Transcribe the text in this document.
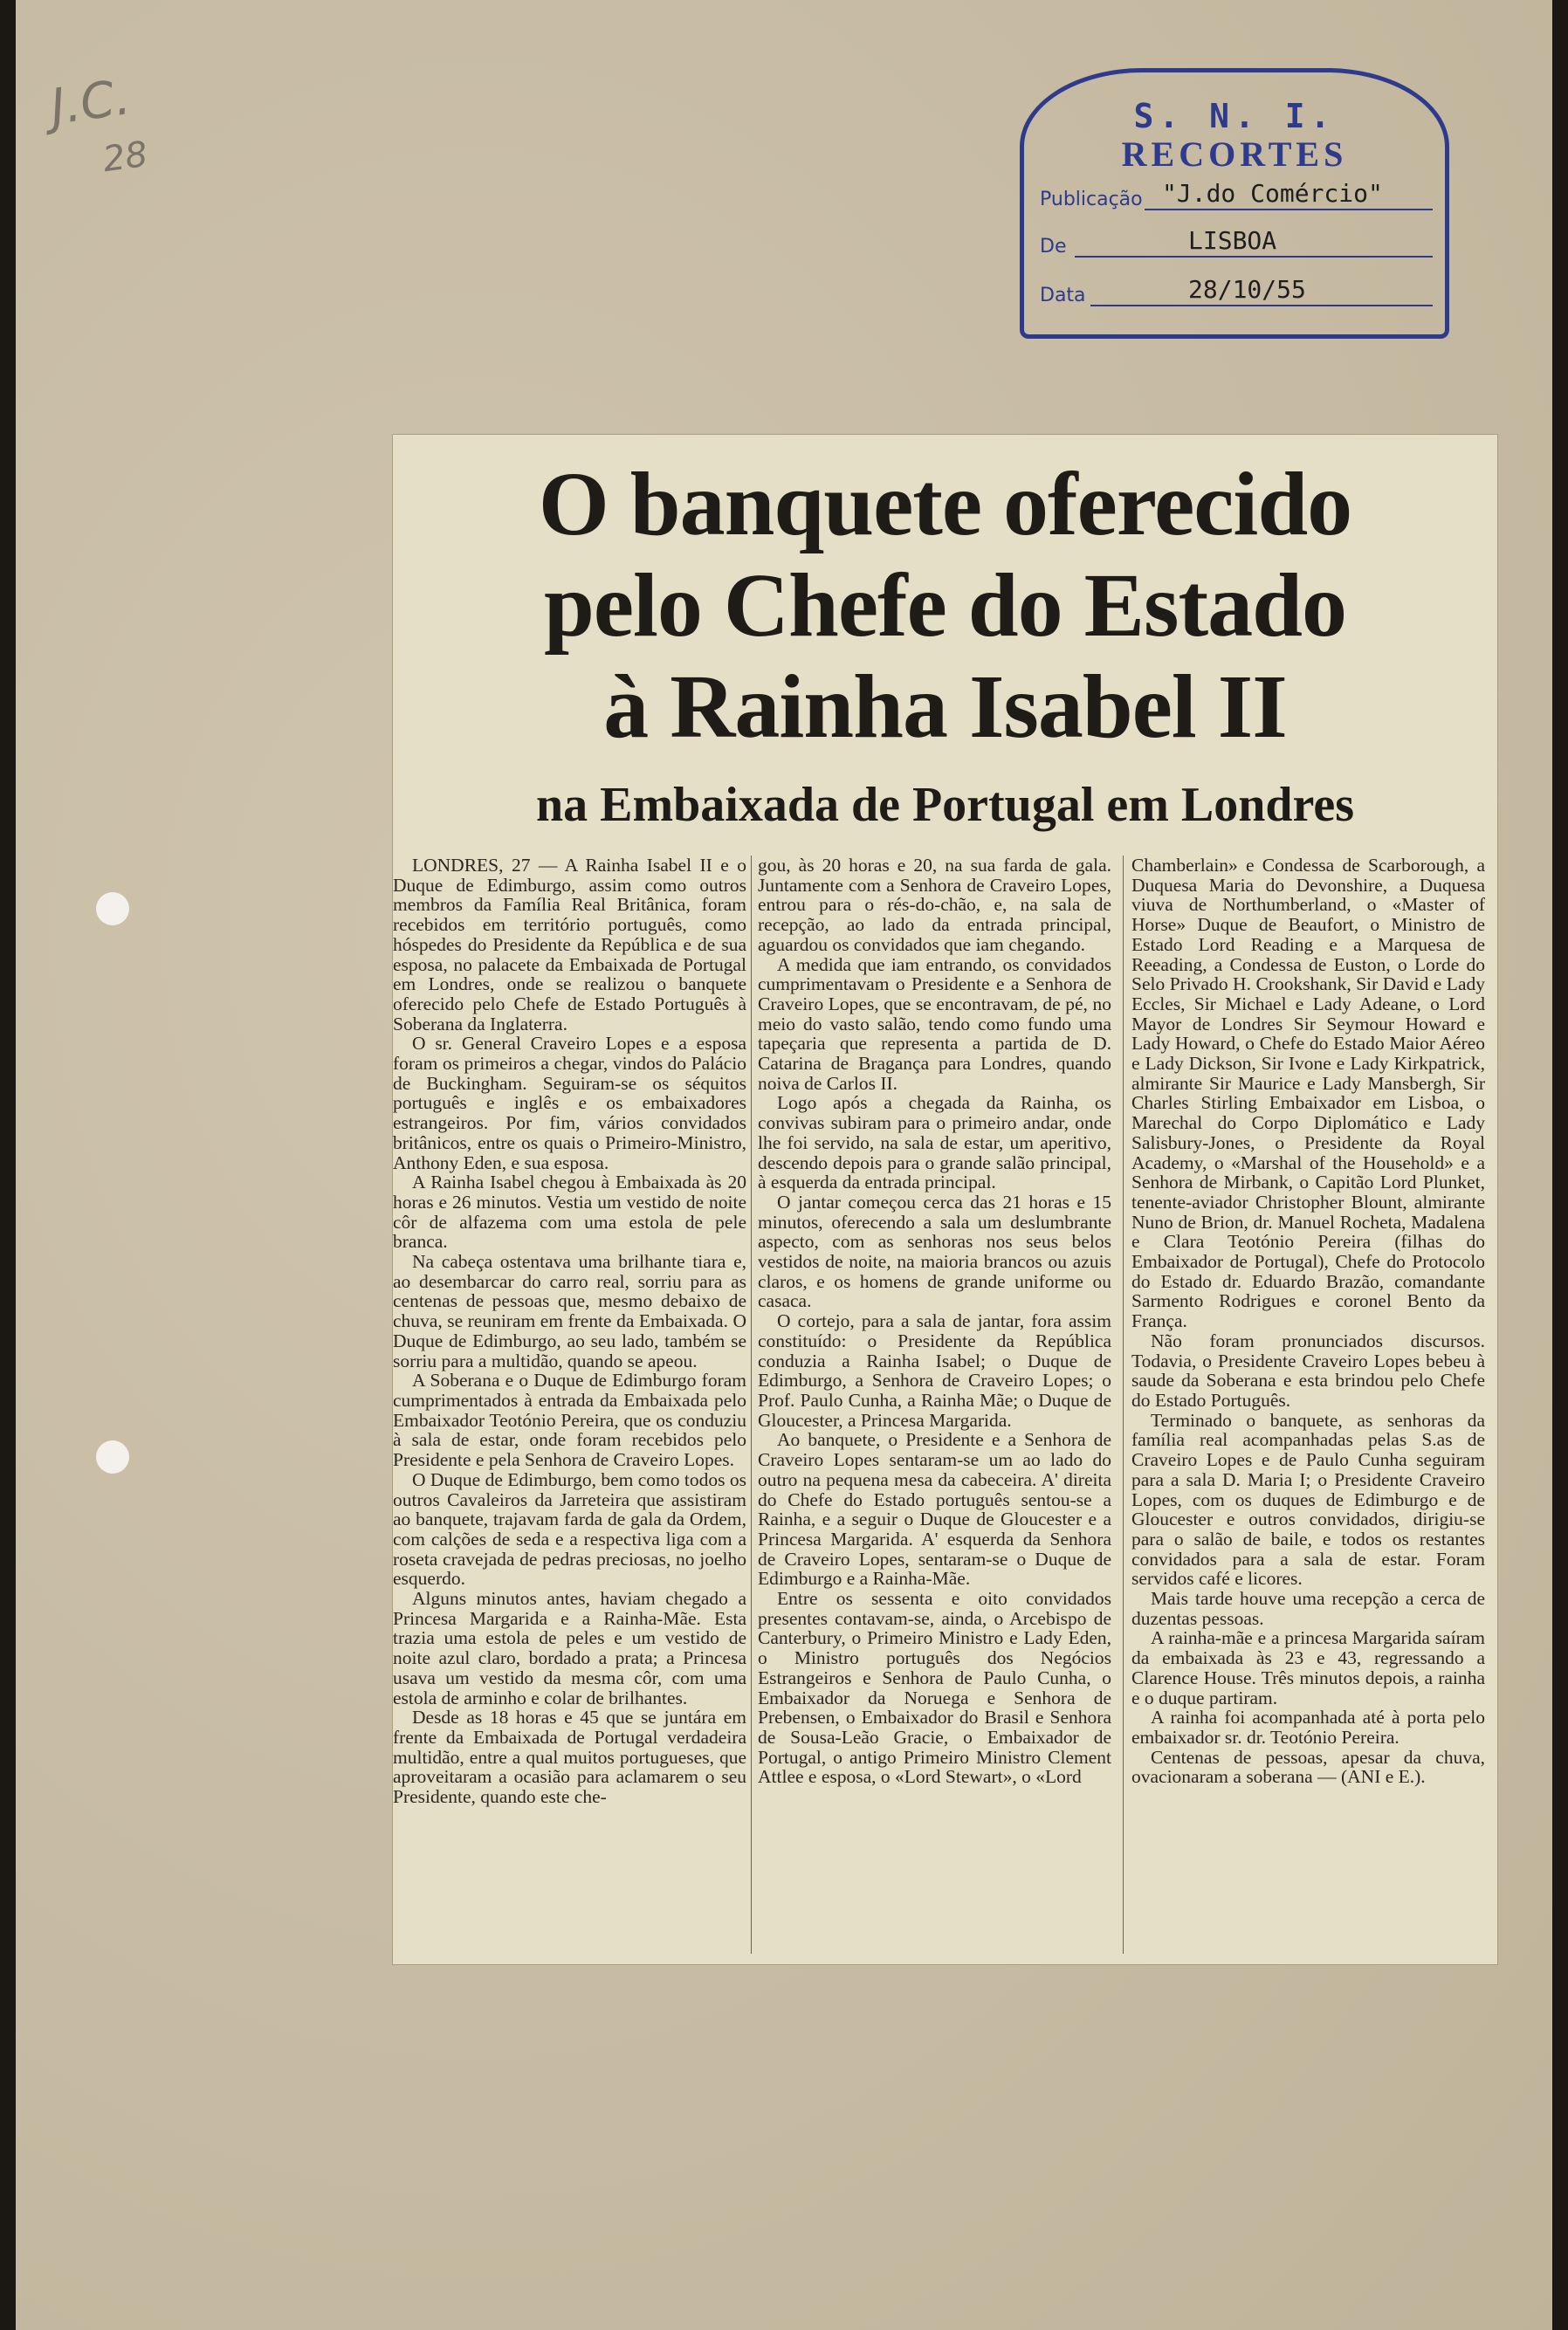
J.C.
28
S. N. I.
RECORTES
Publicação "J.do Comércio"
De	LISBOA
Data	28/10/55
O banquete oferecido
pelo Chefe do Estado
à Rainha Isabel II
na Embaixada de Portugal em Londres

LONDRES, 27 — A Rainha Isabel II e o Duque de Edimburgo, assim como outros membros da Família Real Britânica, foram recebidos em território português, como hóspedes do Presidente da República e de sua esposa, no palacete da Embaixada de Portugal em Londres, onde se realizou o banquete oferecido pelo Chefe de Estado Português à Soberana da Inglaterra.

O sr. General Craveiro Lopes e a esposa foram os primeiros a chegar, vindos do Palácio de Buckingham. Seguiram-se os séquitos português e inglês e os embaixadores estrangeiros. Por fim, vários convidados britânicos, entre os quais o Primeiro-Ministro, Anthony Eden, e sua esposa.

A Rainha Isabel chegou à Embaixada às 20 horas e 26 minutos. Vestia um vestido de noite côr de alfazema com uma estola de pele branca.

Na cabeça ostentava uma brilhante tiara e, ao desembarcar do carro real, sorriu para as centenas de pessoas que, mesmo debaixo de chuva, se reuniram em frente da Embaixada. O Duque de Edimburgo, ao seu lado, também se sorriu para a multidão, quando se apeou.

A Soberana e o Duque de Edimburgo foram cumprimentados à entrada da Embaixada pelo Embaixador Teotónio Pereira, que os conduziu à sala de estar, onde foram recebidos pelo Presidente e pela Senhora de Craveiro Lopes.

O Duque de Edimburgo, bem como todos os outros Cavaleiros da Jarreteira que assistiram ao banquete, trajavam farda de gala da Ordem, com calções de seda e a respectiva liga com a roseta cravejada de pedras preciosas, no joelho esquerdo.

Alguns minutos antes, haviam chegado a Princesa Margarida e a Rainha-Mãe. Esta trazia uma estola de peles e um vestido de noite azul claro, bordado a prata; a Princesa usava um vestido da mesma côr, com uma estola de arminho e colar de brilhantes.

Desde as 18 horas e 45 que se juntára em frente da Embaixada de Portugal verdadeira multidão, entre a qual muitos portugueses, que aproveitaram a ocasião para aclamarem o seu Presidente, quando este che-

gou, às 20 horas e 20, na sua farda de gala. Juntamente com a Senhora de Craveiro Lopes, entrou para o rés-do-chão, e, na sala de recepção, ao lado da entrada principal, aguardou os convidados que iam chegando.

A medida que iam entrando, os convidados cumprimentavam o Presidente e a Senhora de Craveiro Lopes, que se encontravam, de pé, no meio do vasto salão, tendo como fundo uma tapeçaria que representa a partida de D. Catarina de Bragança para Londres, quando noiva de Carlos II.

Logo após a chegada da Rainha, os convivas subiram para o primeiro andar, onde lhe foi servido, na sala de estar, um aperitivo, descendo depois para o grande salão principal, à esquerda da entrada principal.

O jantar começou cerca das 21 horas e 15 minutos, oferecendo a sala um deslumbrante aspecto, com as senhoras nos seus belos vestidos de noite, na maioria brancos ou azuis claros, e os homens de grande uniforme ou casaca.

O cortejo, para a sala de jantar, fora assim constituído: o Presidente da República conduzia a Rainha Isabel; o Duque de Edimburgo, a Senhora de Craveiro Lopes; o Prof. Paulo Cunha, a Rainha Mãe; o Duque de Gloucester, a Princesa Margarida.

Ao banquete, o Presidente e a Senhora de Craveiro Lopes sentaram-se um ao lado do outro na pequena mesa da cabeceira. A' direita do Chefe do Estado português sentou-se a Rainha, e a seguir o Duque de Gloucester e a Princesa Margarida. A' esquerda da Senhora de Craveiro Lopes, sentaram-se o Duque de Edimburgo e a Rainha-Mãe.

Entre os sessenta e oito convidados presentes contavam-se, ainda, o Arcebispo de Canterbury, o Primeiro Ministro e Lady Eden, o Ministro português dos Negócios Estrangeiros e Senhora de Paulo Cunha, o Embaixador da Noruega e Senhora de Prebensen, o Embaixador do Brasil e Senhora de Sousa-Leão Gracie, o Embaixador de Portugal, o antigo Primeiro Ministro Clement Attlee e esposa, o «Lord Stewart», o «Lord

Chamberlain» e Condessa de Scarborough, a Duquesa Maria do Devonshire, a Duquesa viuva de Northumberland, o «Master of Horse» Duque de Beaufort, o Ministro de Estado Lord Reading e a Marquesa de Reeading, a Condessa de Euston, o Lorde do Selo Privado H. Crookshank, Sir David e Lady Eccles, Sir Michael e Lady Adeane, o Lord Mayor de Londres Sir Seymour Howard e Lady Howard, o Chefe do Estado Maior Aéreo e Lady Dickson, Sir Ivone e Lady Kirkpatrick, almirante Sir Maurice e Lady Mansbergh, Sir Charles Stirling Embaixador em Lisboa, o Marechal do Corpo Diplomático e Lady Salisbury-Jones, o Presidente da Royal Academy, o «Marshal of the Household» e a Senhora de Mirbank, o Capitão Lord Plunket, tenente-aviador Christopher Blount, almirante Nuno de Brion, dr. Manuel Rocheta, Madalena e Clara Teotónio Pereira (filhas do Embaixador de Portugal), Chefe do Protocolo do Estado dr. Eduardo Brazão, comandante Sarmento Rodrigues e coronel Bento da França.

Não foram pronunciados discursos. Todavia, o Presidente Craveiro Lopes bebeu à saude da Soberana e esta brindou pelo Chefe do Estado Português.

Terminado o banquete, as senhoras da família real acompanhadas pelas S.as de Craveiro Lopes e de Paulo Cunha seguiram para a sala D. Maria I; o Presidente Craveiro Lopes, com os duques de Edimburgo e de Gloucester e outros convidados, dirigiu-se para o salão de baile, e todos os restantes convidados para a sala de estar. Foram servidos café e licores.

Mais tarde houve uma recepção a cerca de duzentas pessoas.

A rainha-mãe e a princesa Margarida saíram da embaixada às 23 e 43, regressando a Clarence House. Três minutos depois, a rainha e o duque partiram.

A rainha foi acompanhada até à porta pelo embaixador sr. dr. Teotónio Pereira.

Centenas de pessoas, apesar da chuva, ovacionaram a soberana — (ANI e E.).
